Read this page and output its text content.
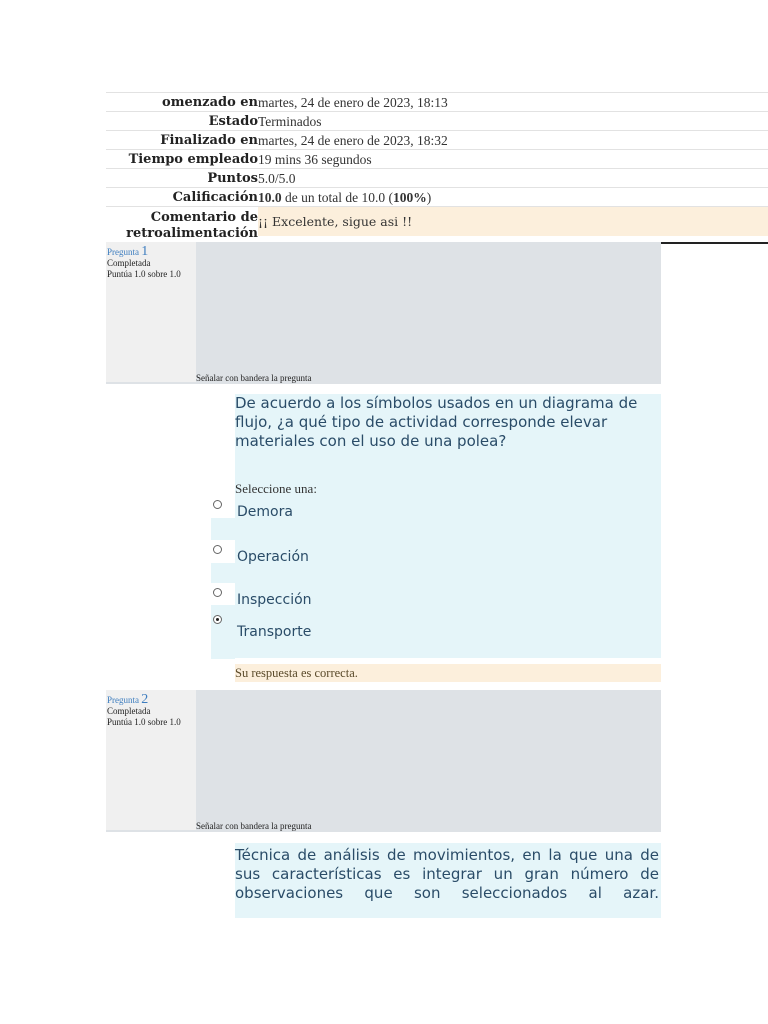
omenzado en martes, 24 de enero de 2023, 18:13
Estado Terminados
Finalizado en martes, 24 de enero de 2023, 18:32
Tiempo empleado 19 mins 36 segundos
Puntos 5.0/5.0
Calificación 10.0 de un total de 10.0 (100%)
Comentario de
retroalimentación
¡¡ Excelente, sigue asi !!
Pregunta 1
Completada
Puntúa 1.0 sobre 1.0
Señalar con bandera la pregunta
De acuerdo a los símbolos usados en un diagrama de flujo, ¿a qué tipo de actividad corresponde elevar materiales con el uso de una polea?
Seleccione una:
Demora
Operación
Inspección
Transporte
Su respuesta es correcta.
Pregunta 2
Completada
Puntúa 1.0 sobre 1.0
Señalar con bandera la pregunta
Técnica de análisis de movimientos, en la que una de sus características es integrar un gran número de observaciones que son seleccionados al azar.
